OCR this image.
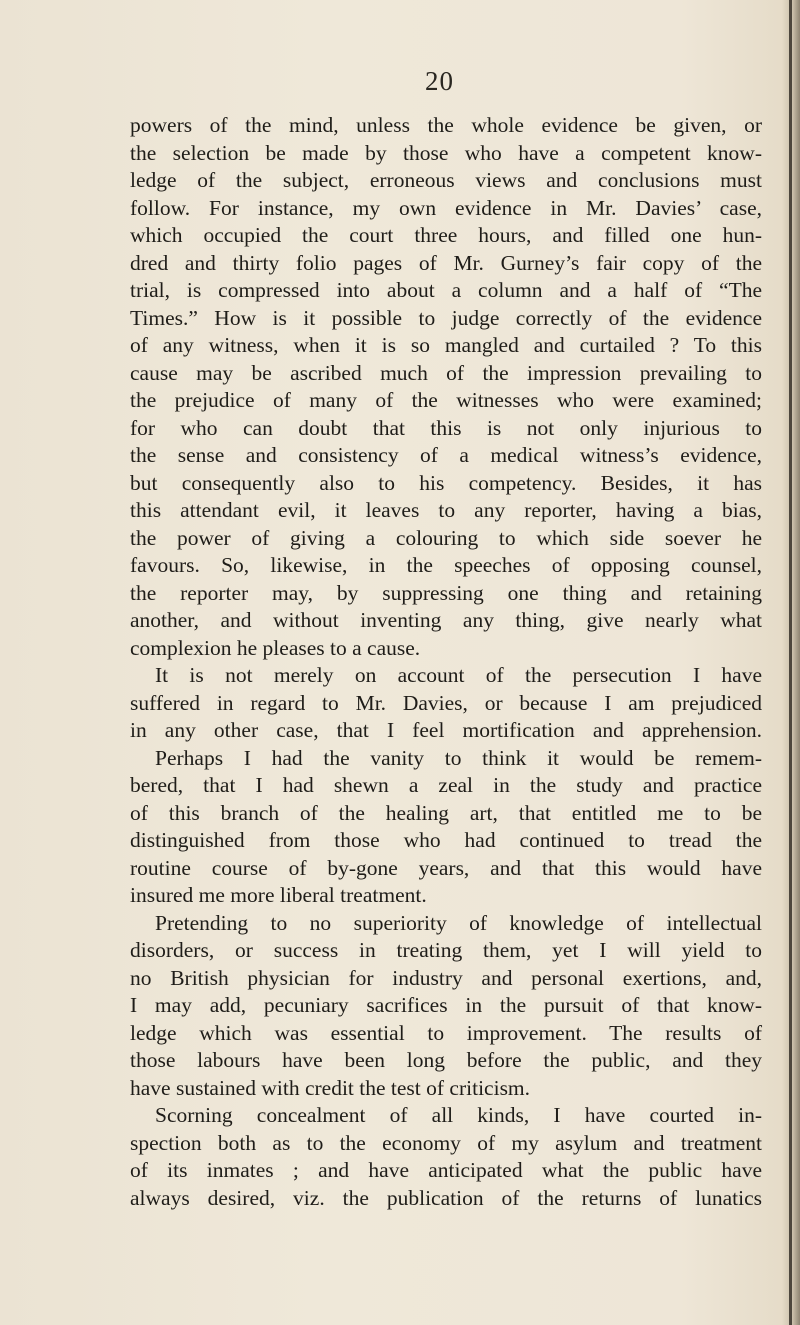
20
powers of the mind, unless the whole evidence be given, or
the selection be made by those who have a competent know-
ledge of the subject, erroneous views and conclusions must
follow. For instance, my own evidence in Mr. Davies’ case,
which occupied the court three hours, and filled one hun-
dred and thirty folio pages of Mr. Gurney’s fair copy of the
trial, is compressed into about a column and a half of “The
Times.” How is it possible to judge correctly of the evidence
of any witness, when it is so mangled and curtailed ? To this
cause may be ascribed much of the impression prevailing to
the prejudice of many of the witnesses who were examined;
for who can doubt that this is not only injurious to
the sense and consistency of a medical witness’s evidence,
but consequently also to his competency. Besides, it has
this attendant evil, it leaves to any reporter, having a bias,
the power of giving a colouring to which side soever he
favours. So, likewise, in the speeches of opposing counsel,
the reporter may, by suppressing one thing and retaining
another, and without inventing any thing, give nearly what
complexion he pleases to a cause.
It is not merely on account of the persecution I have
suffered in regard to Mr. Davies, or because I am prejudiced
in any other case, that I feel mortification and apprehension.
Perhaps I had the vanity to think it would be remem-
bered, that I had shewn a zeal in the study and practice
of this branch of the healing art, that entitled me to be
distinguished from those who had continued to tread the
routine course of by-gone years, and that this would have
insured me more liberal treatment.
Pretending to no superiority of knowledge of intellectual
disorders, or success in treating them, yet I will yield to
no British physician for industry and personal exertions, and,
I may add, pecuniary sacrifices in the pursuit of that know-
ledge which was essential to improvement. The results of
those labours have been long before the public, and they
have sustained with credit the test of criticism.
Scorning concealment of all kinds, I have courted in-
spection both as to the economy of my asylum and treatment
of its inmates ; and have anticipated what the public have
always desired, viz. the publication of the returns of lunatics
